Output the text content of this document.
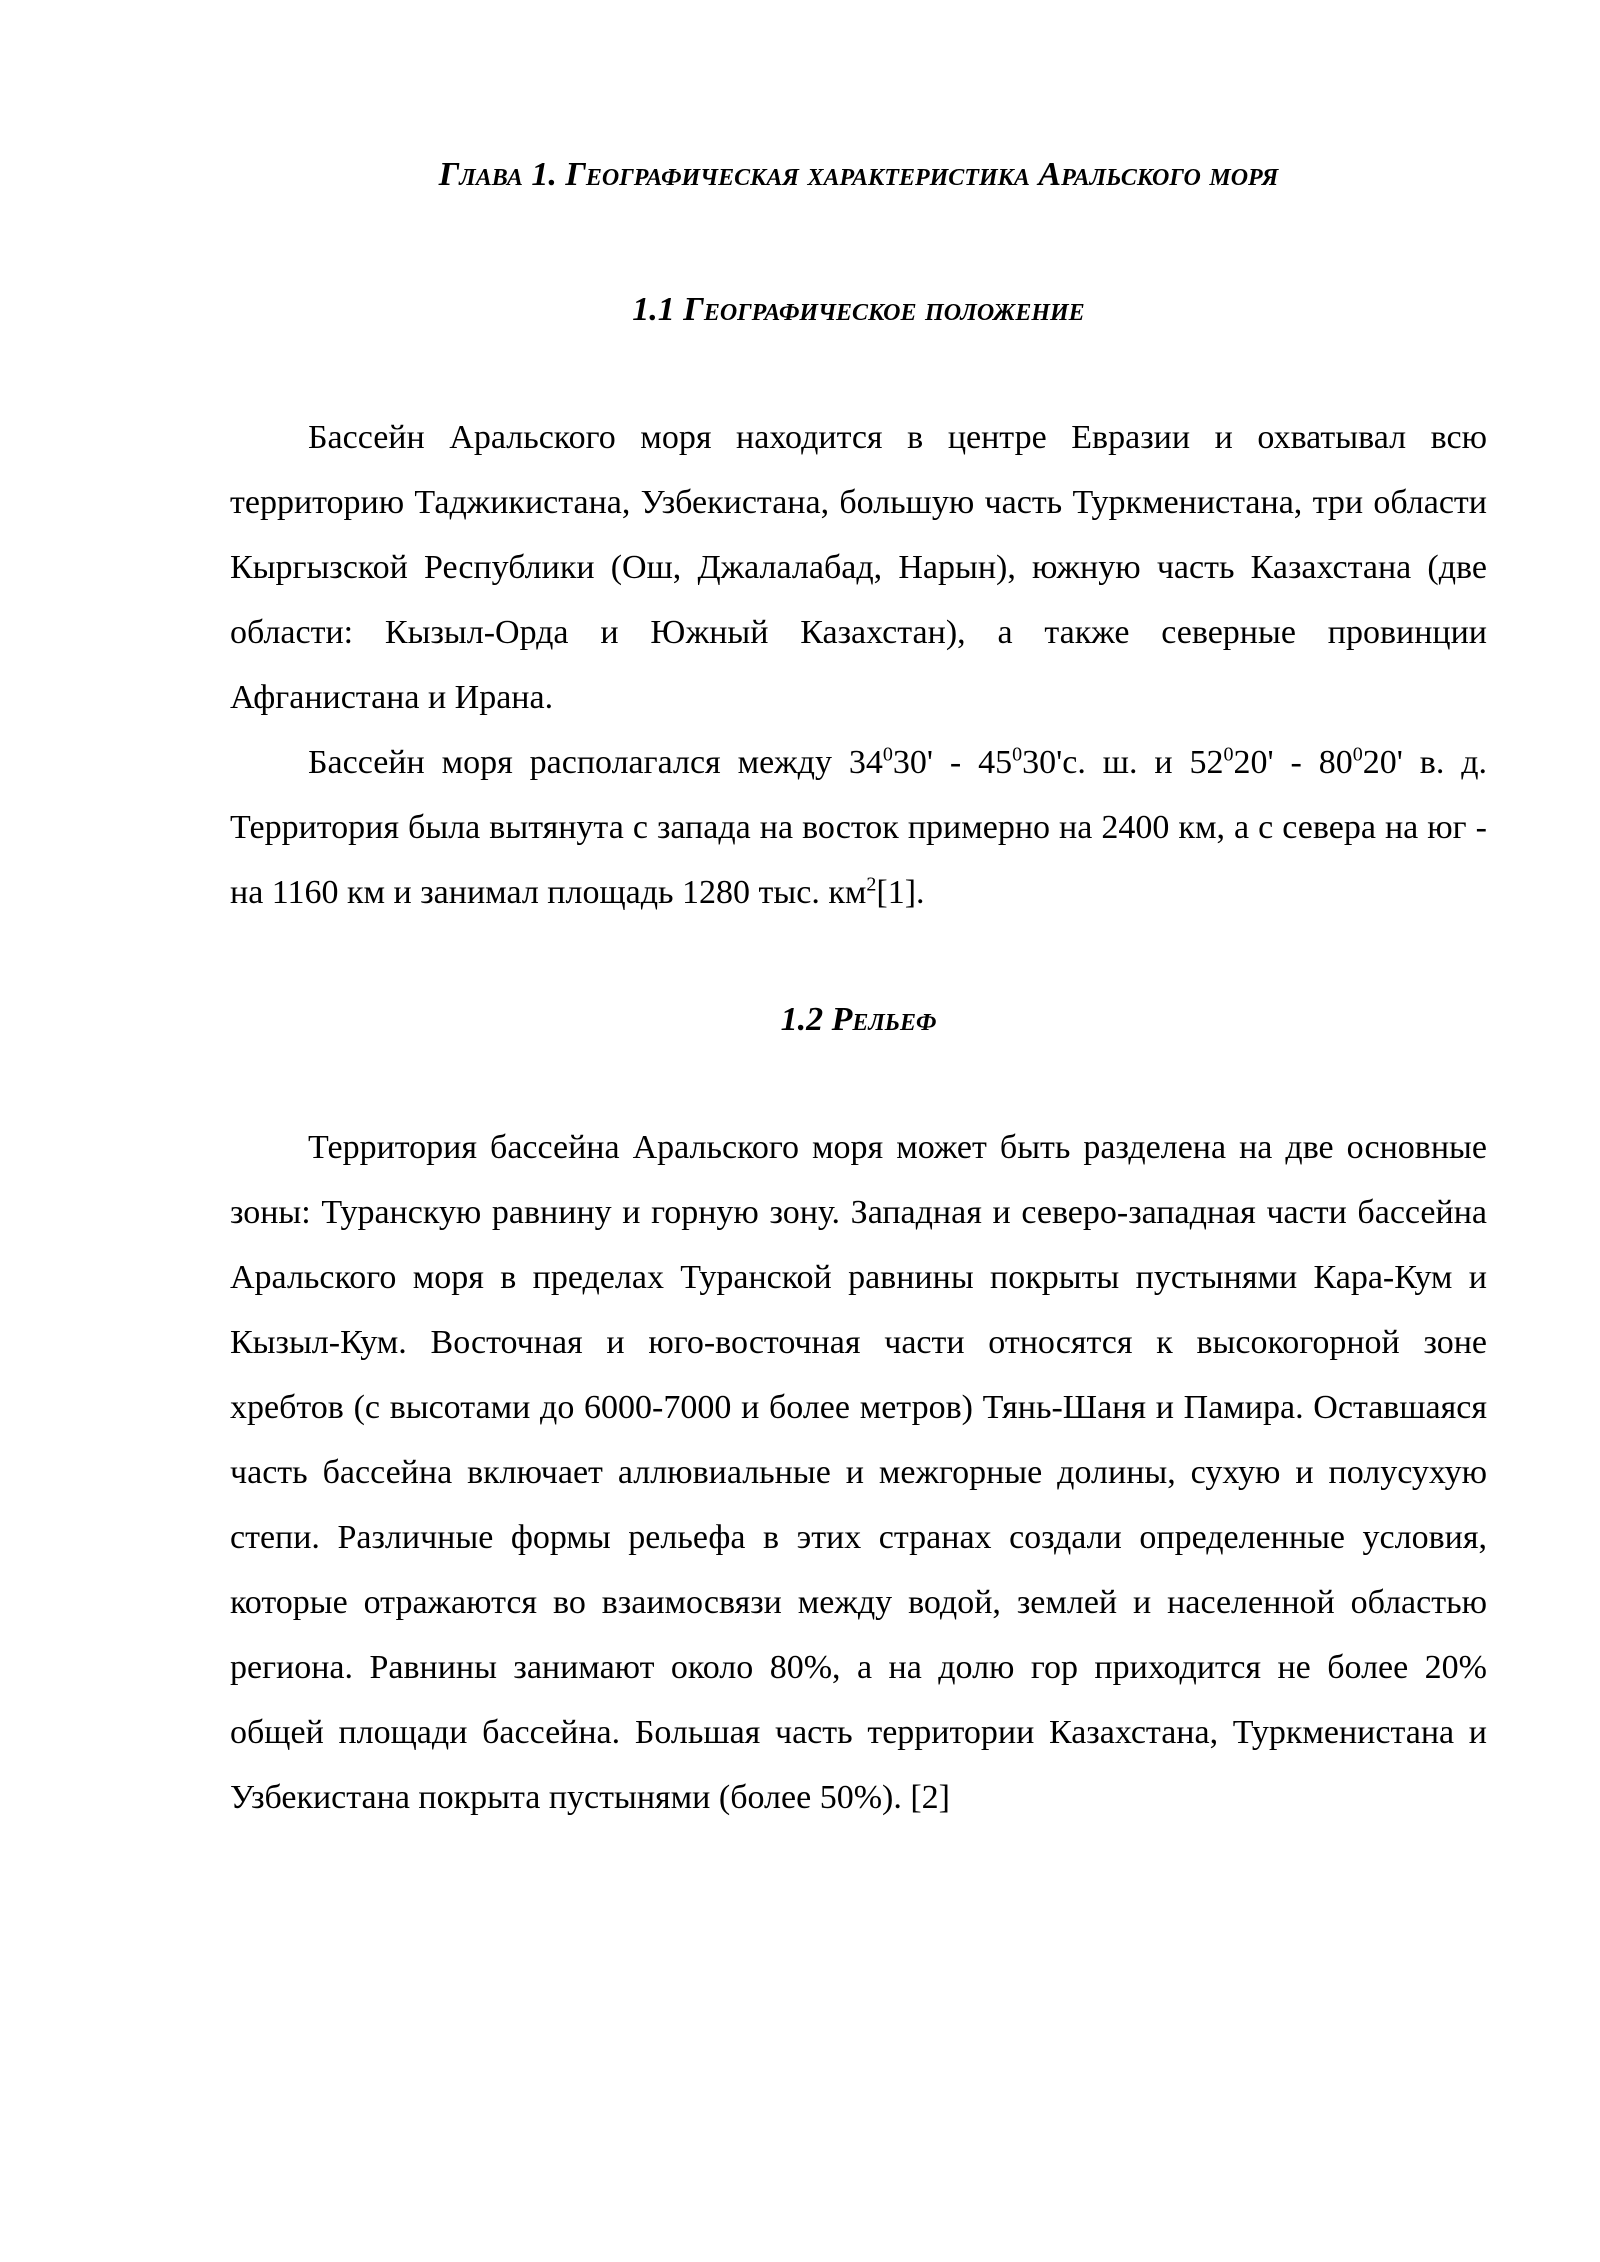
Глава 1. Географическая характеристика Аральского моря
1.1 Географическое положение

Бассейн Аральского моря находится в центре Евразии и охватывал всю территорию Таджикистана, Узбекистана, большую часть Туркменистана, три области Кыргызской Республики (Ош, Джалалабад, Нарын), южную часть Казахстана (две области: Кызыл-Орда и Южный Казахстан), а также северные провинции Афганистана и Ирана.

Бассейн моря располагался между $34^030' - 45^030'с$. ш. и $52^020' - 80^020'$ в. д. Территория была вытянута с запада на восток примерно на 2400 км, а с севера на юг - на 1160 км и занимал площадь 1280 тыс. $км^2[1]$.

1.2 Рельеф

Территория бассейна Аральского моря может быть разделена на две основные зоны: Туранскую равнину и горную зону. Западная и северо-западная части бассейна Аральского моря в пределах Туранской равнины покрыты пустынями Кара-Кум и Кызыл-Кум. Восточная и юго-восточная части относятся к высокогорной зоне хребтов (с высотами до 6000-7000 и более метров) Тянь-Шаня и Памира. Оставшаяся часть бассейна включает аллювиальные и межгорные долины, сухую и полусухую степи. Различные формы рельефа в этих странах создали определенные условия, которые отражаются во взаимосвязи между водой, землей и населенной областью региона. Равнины занимают около 80%, а на долю гор приходится не более 20% общей площади бассейна. Большая часть территории Казахстана, Туркменистана и Узбекистана покрыта пустынями (более 50%). [2]
